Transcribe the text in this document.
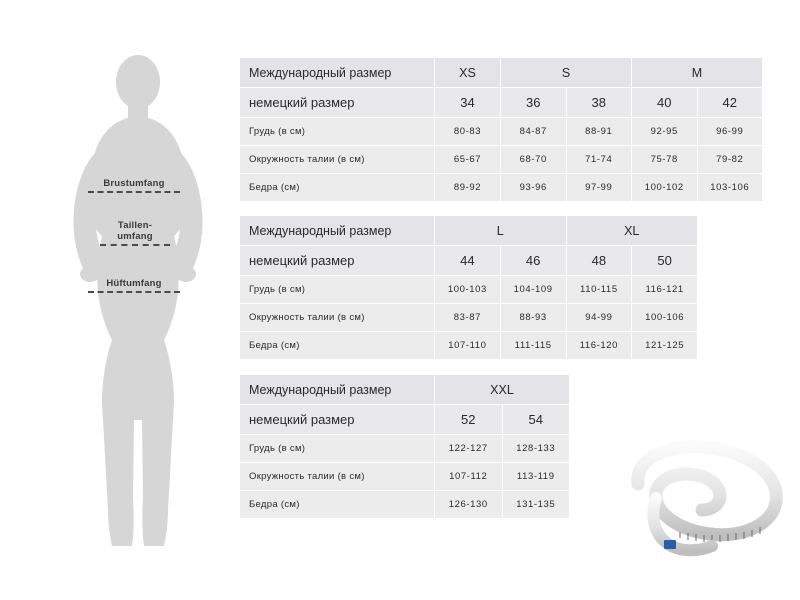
Brustumfang
Taillen- umfang
Hüftumfang
Международный размер	XS	S		M	
немецкий размер	34	36	38	40	42
Грудь (в см)	80-83	84-87	88-91	92-95	96-99
Окружность талии (в см)	65-67	68-70	71-74	75-78	79-82
Бедра (см)	89-92	93-96	97-99	100-102	103-106
Международный размер	L		XL	
немецкий размер	44	46	48	50
Грудь (в см)	100-103	104-109	110-115	116-121
Окружность талии (в см)	83-87	88-93	94-99	100-106
Бедра (см)	107-110	111-115	116-120	121-125
Международный размер	XXL	
немецкий размер	52	54
Грудь (в см)	122-127	128-133
Окружность талии (в см)	107-112	113-119
Бедра (см)	126-130	131-135
